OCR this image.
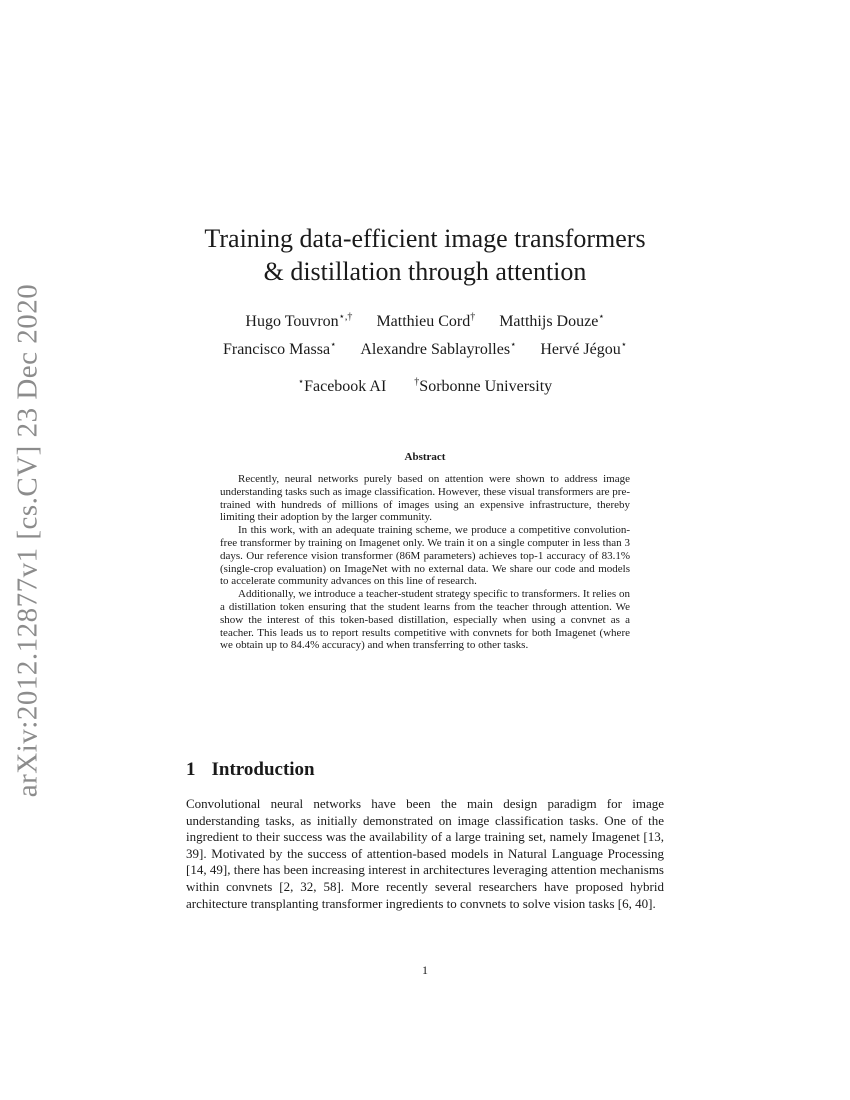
arXiv:2012.12877v1 [cs.CV] 23 Dec 2020
Training data-efficient image transformers
& distillation through attention
Hugo Touvron⋆,† Matthieu Cord† Matthijs Douze⋆
Francisco Massa⋆ Alexandre Sablayrolles⋆ Hervé Jégou⋆
⋆Facebook AI	†Sorbonne University
Abstract

Recently, neural networks purely based on attention were shown to address image understanding tasks such as image classification. However, these visual transformers are pre-trained with hundreds of millions of images using an expensive infrastructure, thereby limiting their adoption by the larger community.

In this work, with an adequate training scheme, we produce a competitive convolution-free transformer by training on Imagenet only. We train it on a single computer in less than 3 days. Our reference vision transformer (86M parameters) achieves top-1 accuracy of 83.1% (single-crop evaluation) on ImageNet with no external data. We share our code and models to accelerate community advances on this line of research.

Additionally, we introduce a teacher-student strategy specific to transformers. It relies on a distillation token ensuring that the student learns from the teacher through attention. We show the interest of this token-based distillation, especially when using a convnet as a teacher. This leads us to report results competitive with convnets for both Imagenet (where we obtain up to 84.4% accuracy) and when transferring to other tasks.

1 Introduction

Convolutional neural networks have been the main design paradigm for image understanding tasks, as initially demonstrated on image classification tasks. One of the ingredient to their success was the availability of a large training set, namely Imagenet [13, 39]. Motivated by the success of attention-based models in Natural Language Processing [14, 49], there has been increasing interest in architectures leveraging attention mechanisms within convnets [2, 32, 58]. More recently several researchers have proposed hybrid architecture transplanting transformer ingredients to convnets to solve vision tasks [6, 40].

1
